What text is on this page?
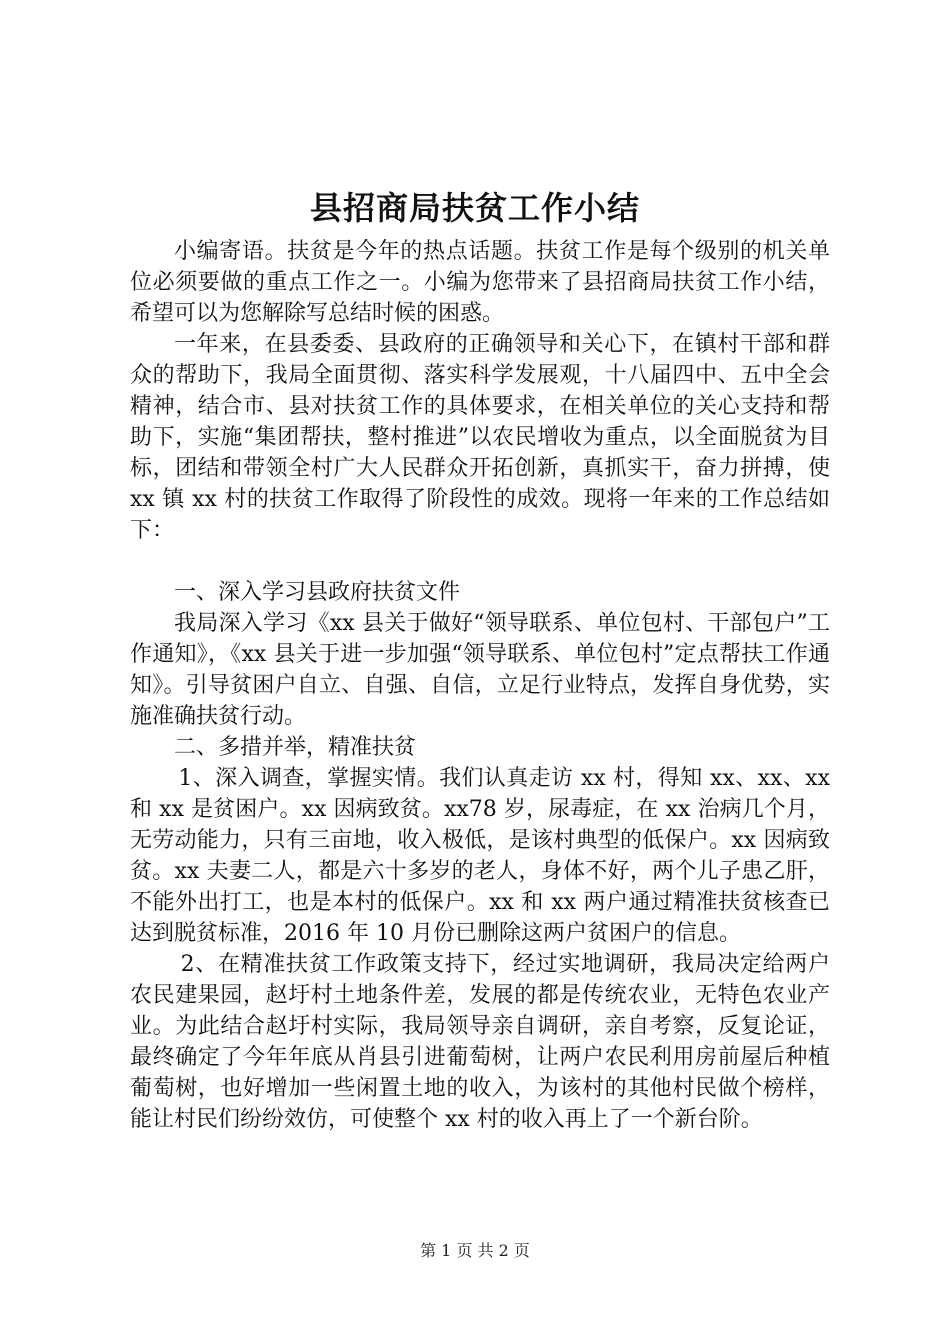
县招商局扶贫工作小结

小编寄语。扶贫是今年的热点话题。扶贫工作是每个级别的机关单位必须要做的重点工作之一。小编为您带来了县招商局扶贫工作小结，希望可以为您解除写总结时候的困惑。

一年来，在县委委、县政府的正确领导和关心下，在镇村干部和群众的帮助下，我局全面贯彻、落实科学发展观，十八届四中、五中全会精神，结合市、县对扶贫工作的具体要求，在相关单位的关心支持和帮助下，实施“集团帮扶，整村推进”以农民增收为重点，以全面脱贫为目标，团结和带领全村广大人民群众开拓创新，真抓实干，奋力拼搏，使 xx 镇 xx 村的扶贫工作取得了阶段性的成效。现将一年来的工作总结如下：

一、深入学习县政府扶贫文件

我局深入学习《xx 县关于做好“领导联系、单位包村、干部包户”工作通知》，《xx 县关于进一步加强“领导联系、单位包村”定点帮扶工作通知》。引导贫困户自立、自强、自信，立足行业特点，发挥自身优势，实施准确扶贫行动。

二、多措并举，精准扶贫

1、深入调查，掌握实情。我们认真走访 xx 村，得知 xx、xx、xx 和 xx 是贫困户。xx 因病致贫。xx78 岁，尿毒症，在 xx 治病几个月，无劳动能力，只有三亩地，收入极低，是该村典型的低保户。xx 因病致贫。xx 夫妻二人，都是六十多岁的老人，身体不好，两个儿子患乙肝，不能外出打工，也是本村的低保户。xx 和 xx 两户通过精准扶贫核查已达到脱贫标准，2016 年 10 月份已删除这两户贫困户的信息。

2、在精准扶贫工作政策支持下，经过实地调研，我局决定给两户农民建果园，赵圩村土地条件差，发展的都是传统农业，无特色农业产业。为此结合赵圩村实际，我局领导亲自调研，亲自考察，反复论证，最终确定了今年年底从肖县引进葡萄树，让两户农民利用房前屋后种植葡萄树，也好增加一些闲置土地的收入，为该村的其他村民做个榜样，能让村民们纷纷效仿，可使整个 xx 村的收入再上了一个新台阶。

第 1 页 共 2 页
